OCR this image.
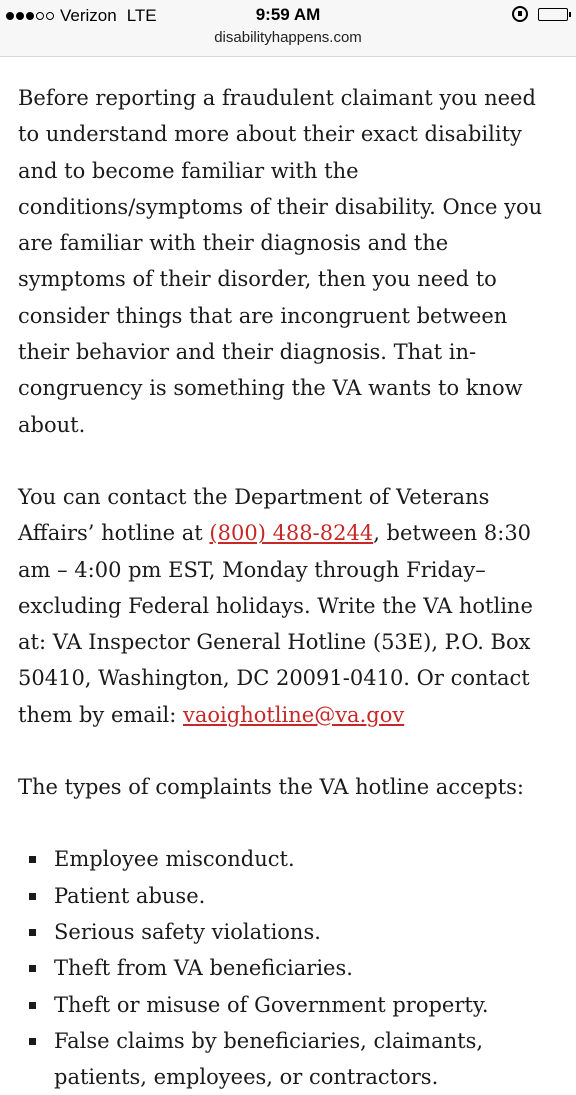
Verizon LTE	9:59 AM
disabilityhappens.com

Before reporting a fraudulent claimant you need to understand more about their exact disability and to become familiar with the conditions/symptoms of their disability. Once you are familiar with their diagnosis and the symptoms of their disorder, then you need to consider things that are incongruent between their behavior and their diagnosis. That in-congruency is something the VA wants to know about.

You can contact the Department of Veterans Affairs’ hotline at (800) 488-8244, between 8:30 am – 4:00 pm EST, Monday through Friday–excluding Federal holidays. Write the VA hotline at: VA Inspector General Hotline (53E), P.O. Box 50410, Washington, DC 20091-0410. Or contact them by email: vaoighotline@va.gov

The types of complaints the VA hotline accepts:

Employee misconduct.
Patient abuse.
Serious safety violations.
Theft from VA beneficiaries.
Theft or misuse of Government property.
False claims by beneficiaries, claimants, patients, employees, or contractors.
